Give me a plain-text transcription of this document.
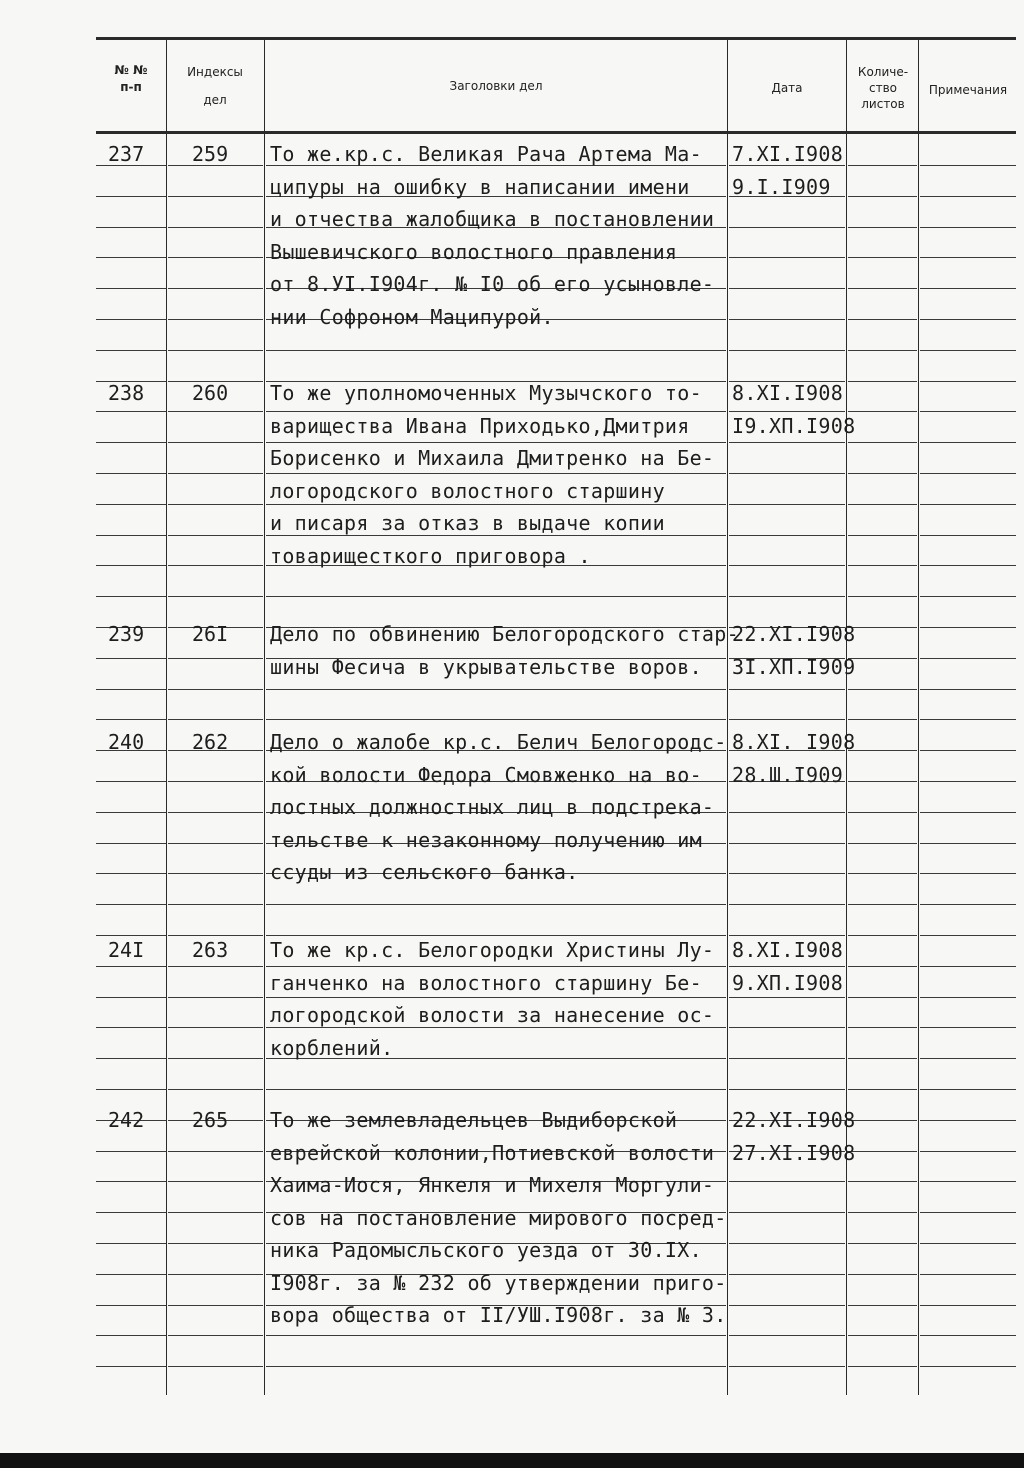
№ №
п-п
Индексы
дел
Заголовки дел	Дата
Количе-
ство
листов
Примечания
237 259 То же.кр.с. Великая Рача Артема Ма-
ципуры на ошибку в написании имени
и отчества жалобщика в постановлении
Вышевичского волостного правления
от 8.УI.I904г. № I0 об его усыновле-
нии Софроном Маципурой.
7.XI.I908
9.I.I909
238 260 То же уполномоченных Музычского то-
варищества Ивана Приходько,Дмитрия
Борисенко и Михаила Дмитренко на Бе-
логородского волостного старшину
и писаря за отказ в выдаче копии
товарищесткого приговора .
8.XI.I908
I9.XП.I908
239 26I Дело по обвинению Белогородского стар-
шины Фесича в укрывательстве воров.
22.XI.I908
3I.XП.I909
240 262 Дело о жалобе кр.с. Белич Белогородс-
кой волости Федора Смовженко на во-
лостных должностных лиц в подстрека-
тельстве к незаконному получению им
ссуды из сельского банка.
8.XI. I908
28.Ш.I909
24I 263 То же кр.с. Белогородки Христины Лу-
ганченко на волостного старшину Бе-
логородской волости за нанесение ос-
корблений.
8.XI.I908
9.XП.I908
242 265 То же землевладельцев Выдиборской
еврейской колонии,Потиевской волости
Хаима-Иося, Янкеля и Михеля Моргули-
сов на постановление мирового посред-
ника Радомысльского уезда от 30.IX.
I908г. за № 232 об утверждении приго-
вора общества от II/УШ.I908г. за № 3.
22.XI.I908
27.XI.I908
